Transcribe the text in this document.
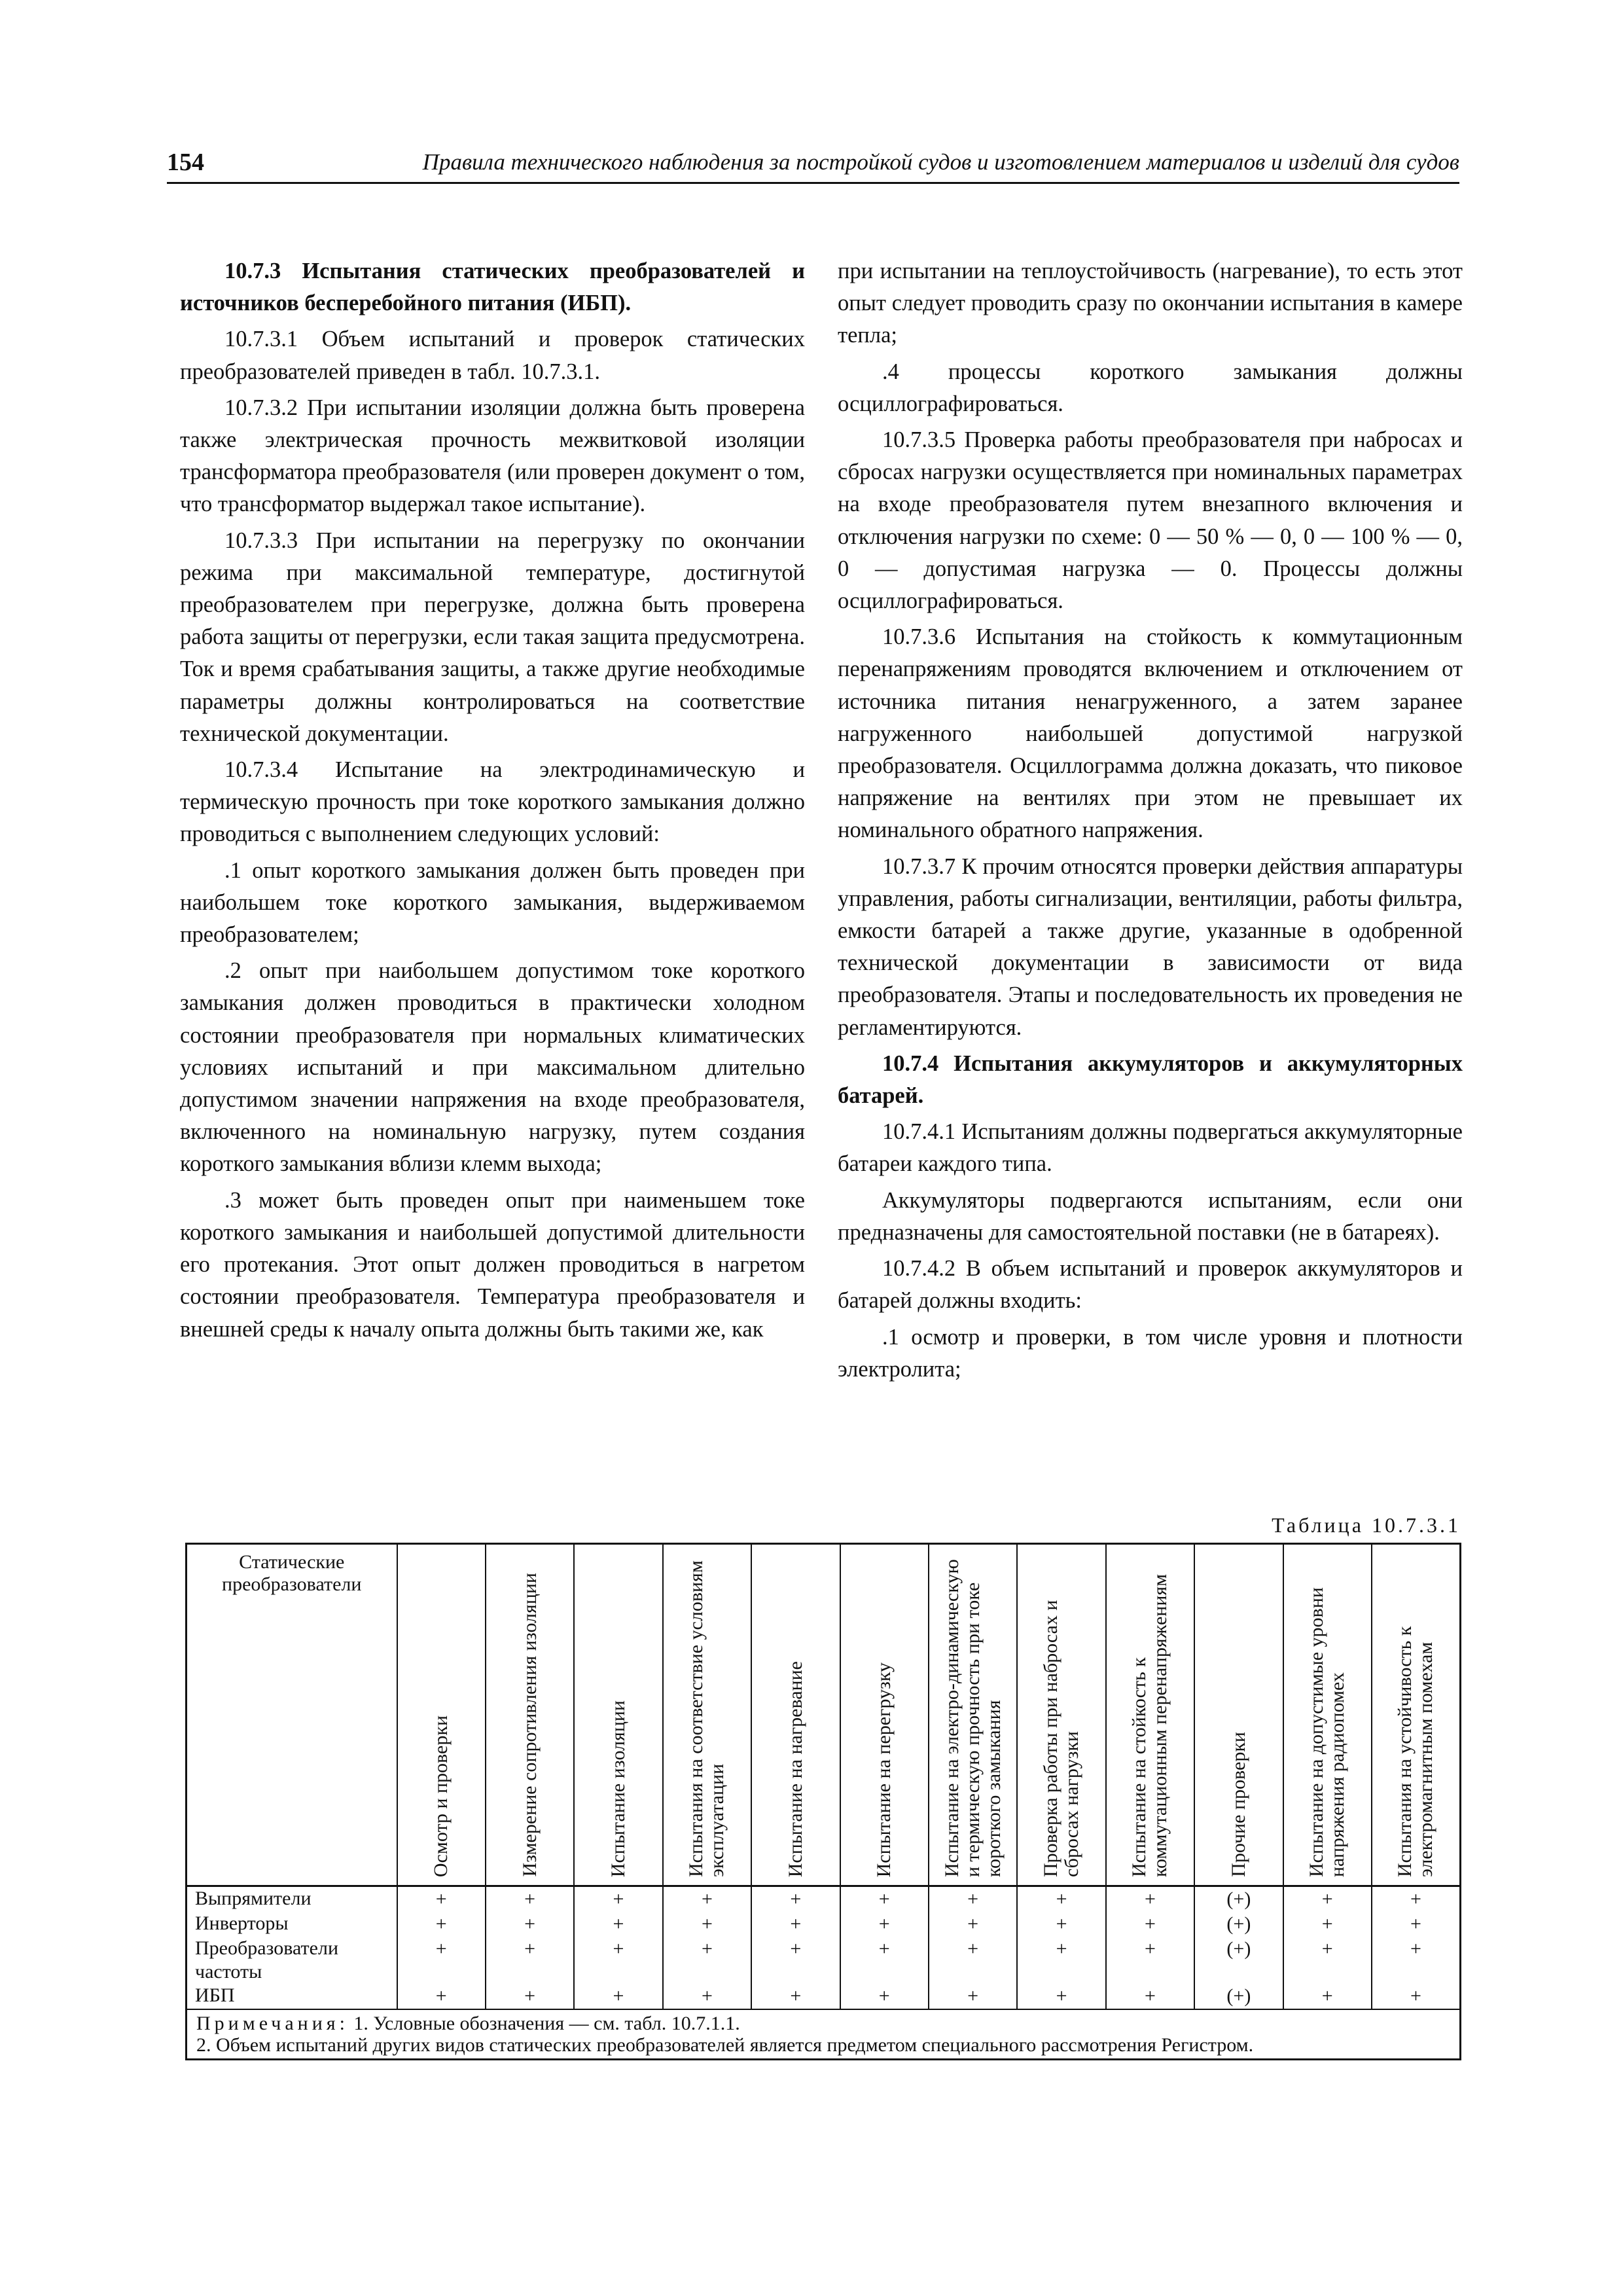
154	Правила технического наблюдения за постройкой судов и изготовлением материалов и изделий для судов

10.7.3 Испытания статических преобразователей и источников бесперебойного питания (ИБП).

10.7.3.1 Объем испытаний и проверок статических преобразователей приведен в табл. 10.7.3.1.

10.7.3.2 При испытании изоляции должна быть проверена также электрическая прочность межвитковой изоляции трансформатора преобразователя (или проверен документ о том, что трансформатор выдержал такое испытание).

10.7.3.3 При испытании на перегрузку по окончании режима при максимальной температуре, достигнутой преобразователем при перегрузке, должна быть проверена работа защиты от перегрузки, если такая защита предусмотрена. Ток и время срабатывания защиты, а также другие необходимые параметры должны контролироваться на соответствие технической документации.

10.7.3.4 Испытание на электродинамическую и термическую прочность при токе короткого замыкания должно проводиться с выполнением следующих условий:

.1 опыт короткого замыкания должен быть проведен при наибольшем токе короткого замыкания, выдерживаемом преобразователем;

.2 опыт при наибольшем допустимом токе короткого замыкания должен проводиться в практически холодном состоянии преобразователя при нормальных климатических условиях испытаний и при максимальном длительно допустимом значении напряжения на входе преобразователя, включенного на номинальную нагрузку, путем создания короткого замыкания вблизи клемм выхода;

.3 может быть проведен опыт при наименьшем токе короткого замыкания и наибольшей допустимой длительности его протекания. Этот опыт должен проводиться в нагретом состоянии преобразователя. Температура преобразователя и внешней среды к началу опыта должны быть такими же, как

при испытании на теплоустойчивость (нагревание), то есть этот опыт следует проводить сразу по окончании испытания в камере тепла;

.4 процессы короткого замыкания должны осциллографироваться.

10.7.3.5 Проверка работы преобразователя при набросах и сбросах нагрузки осуществляется при номинальных параметрах на входе преобразователя путем внезапного включения и отключения нагрузки по схеме: 0 — 50 % — 0, 0 — 100 % — 0, 0 — допустимая нагрузка — 0. Процессы должны осциллографироваться.

10.7.3.6 Испытания на стойкость к коммутационным перенапряжениям проводятся включением и отключением от источника питания ненагруженного, а затем заранее нагруженного наибольшей допустимой нагрузкой преобразователя. Осциллограмма должна доказать, что пиковое напряжение на вентилях при этом не превышает их номинального обратного напряжения.

10.7.3.7 К прочим относятся проверки действия аппаратуры управления, работы сигнализации, вентиляции, работы фильтра, емкости батарей а также другие, указанные в одобренной технической документации в зависимости от вида преобразователя. Этапы и последовательность их проведения не регламентируются.

10.7.4 Испытания аккумуляторов и аккумуляторных батарей.

10.7.4.1 Испытаниям должны подвергаться аккумуляторные батареи каждого типа.

Аккумуляторы подвергаются испытаниям, если они предназначены для самостоятельной поставки (не в батареях).

10.7.4.2 В объем испытаний и проверок аккумуляторов и батарей должны входить:

.1 осмотр и проверки, в том числе уровня и плотности электролита;

Таблица 10.7.3.1
Статические преобразователи	Осмотр и проверки	Измерение сопротивления изоляции	Испытание изоляции	Испытания на соответствие условиям эксплуатации	Испытание на нагревание	Испытание на перегрузку	Испытание на электро-динамическую и термическую прочность при токе короткого замыкания	Проверка работы при набросах и сбросах нагрузки	Испытание на стойкость к коммутационным перенапряжениям	Прочие проверки	Испытание на допустимые уровни напряжения радиопомех	Испытания на устойчивость к электромагнитным помехам

Выпрямители	+	+	+	+	+	+	+	+	+	(+)	+	+
Инверторы	+	+	+	+	+	+	+	+	+	(+)	+	+
Преобразователи частоты	+	+	+	+	+	+	+	+	+	(+)	+	+
ИБП	+	+	+	+	+	+	+	+	+	(+)	+	+
Примечания: 1. Условные обозначения — см. табл. 10.7.1.1.
2. Объем испытаний других видов статических преобразователей является предметом специального рассмотрения Регистром.												
